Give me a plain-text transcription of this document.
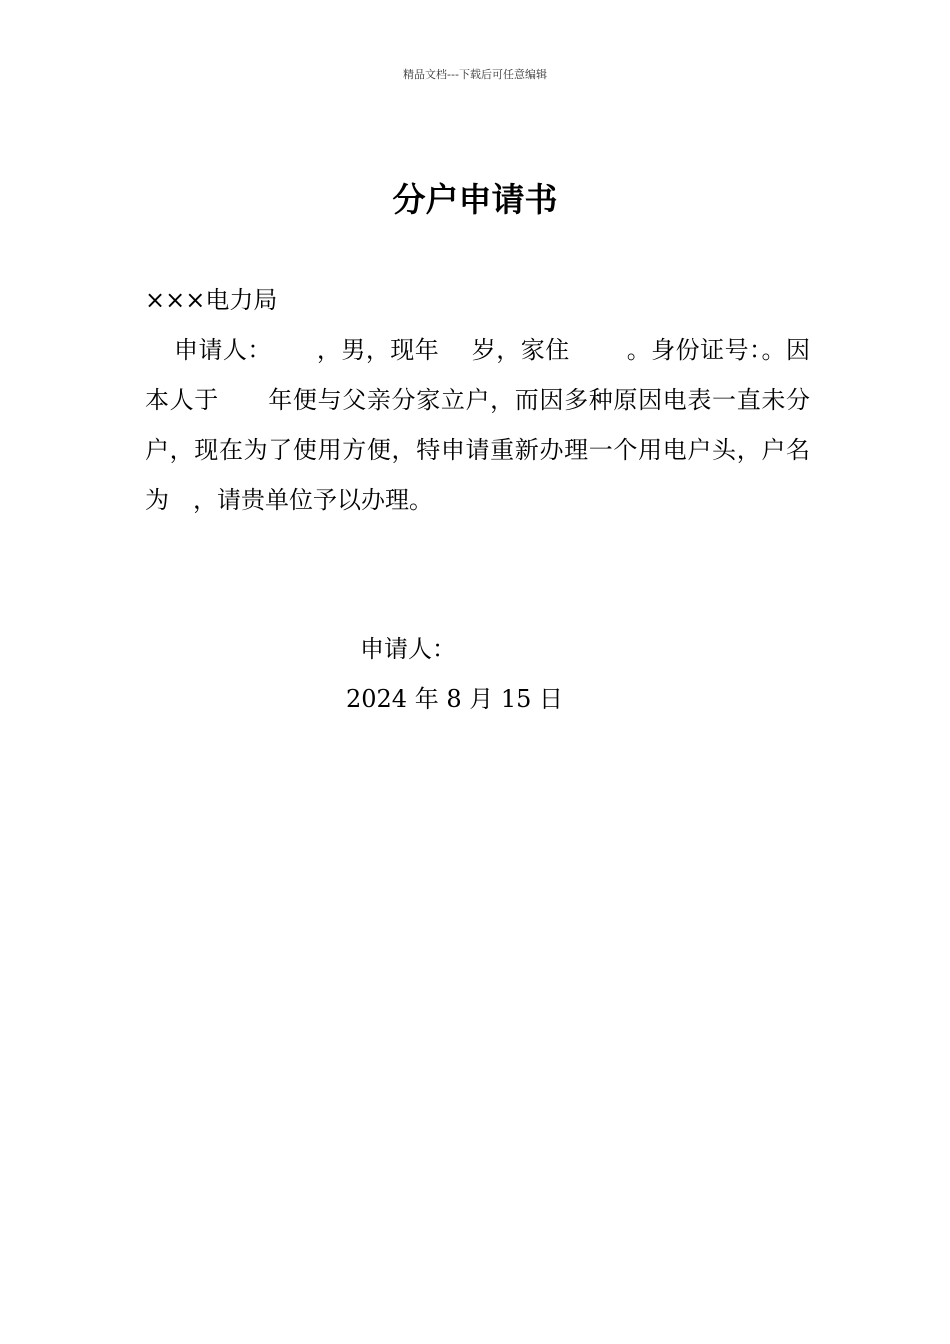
精品文档---下载后可任意编辑
分户申请书
×××电力局

申请人：　　 ，男，现年　 岁，家住　　 。身份证号：。因本人于　　年便与父亲分家立户，而因多种原因电表一直未分户，现在为了使用方便，特申请重新办理一个用电户头，户名为　，请贵单位予以办理。

申请人：
2024 年 8 月 15 日
